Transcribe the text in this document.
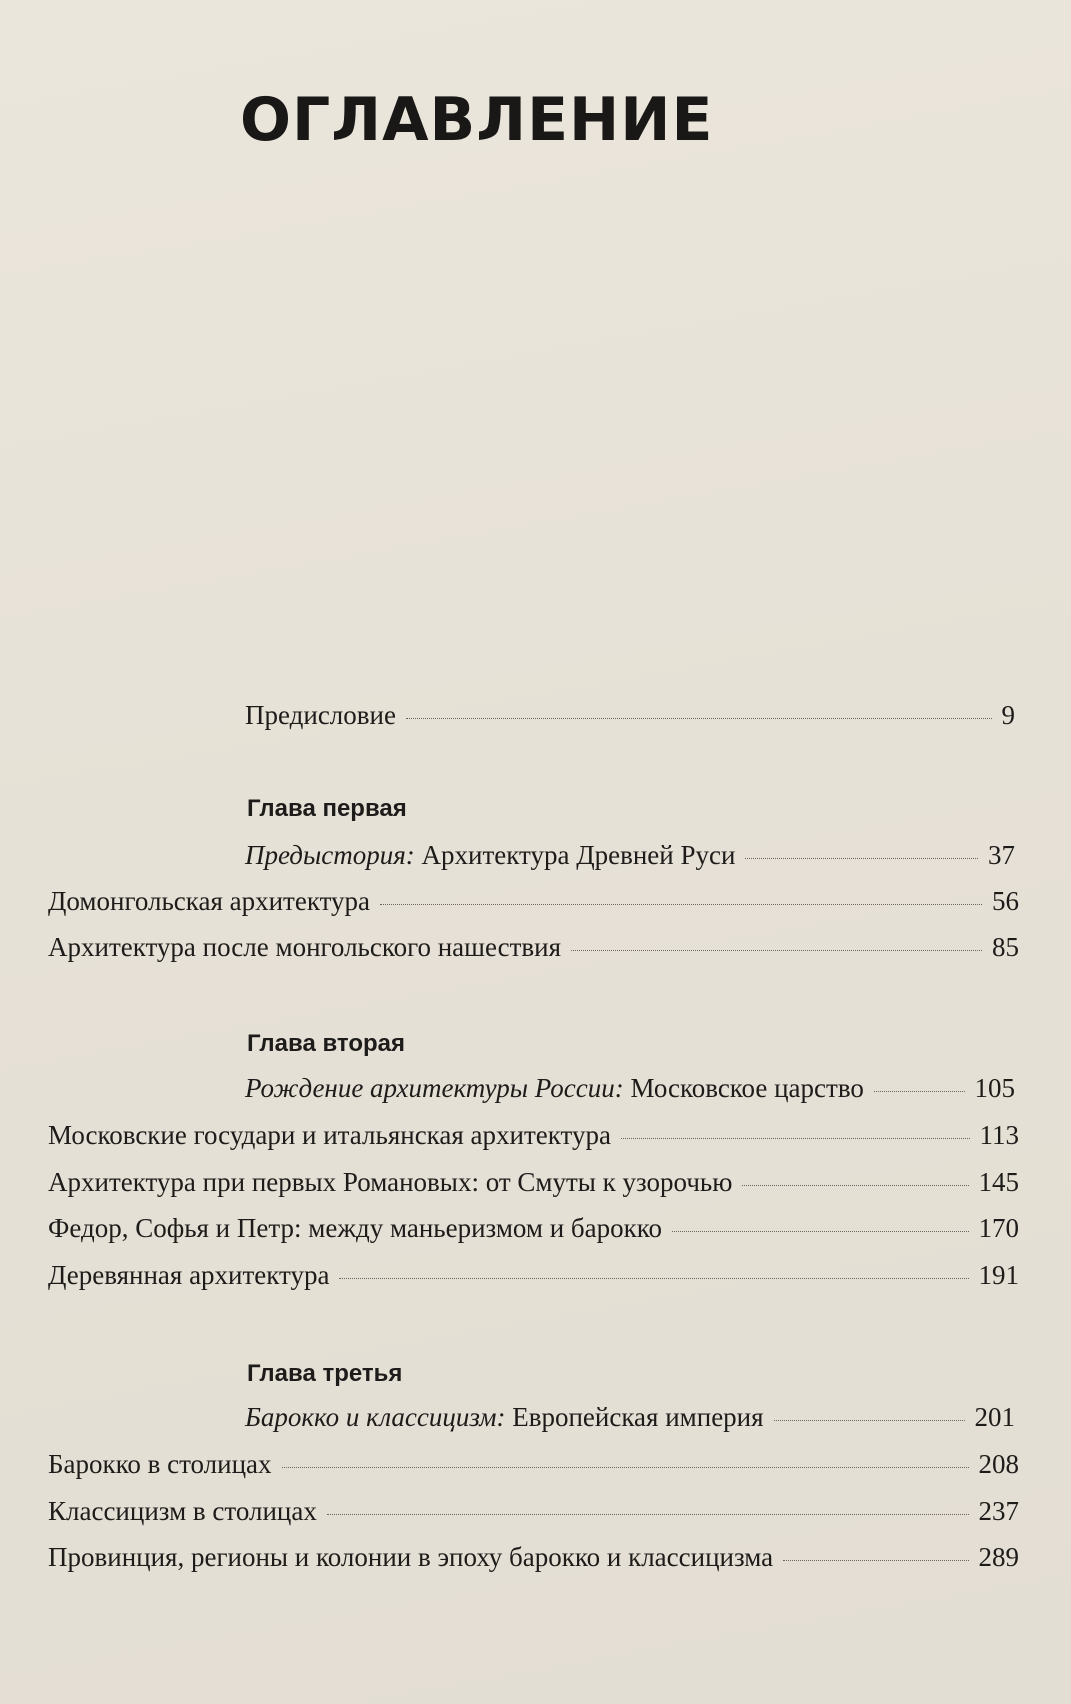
ОГЛАВЛЕНИЕ
Предисловие	9
Глава первая
Предыстория: Архитектура Древней Руси	37
Домонгольская архитектура	56
Архитектура после монгольского нашествия	85
Глава вторая
Рождение архитектуры России: Московское царство	105
Московские государи и итальянская архитектура	113
Архитектура при первых Романовых: от Смуты к узорочью	145
Федор, Софья и Петр: между маньеризмом и барокко	170
Деревянная архитектура	191
Глава третья
Барокко и классицизм: Европейская империя	201
Барокко в столицах	208
Классицизм в столицах	237
Провинция, регионы и колонии в эпоху барокко и классицизма	289
